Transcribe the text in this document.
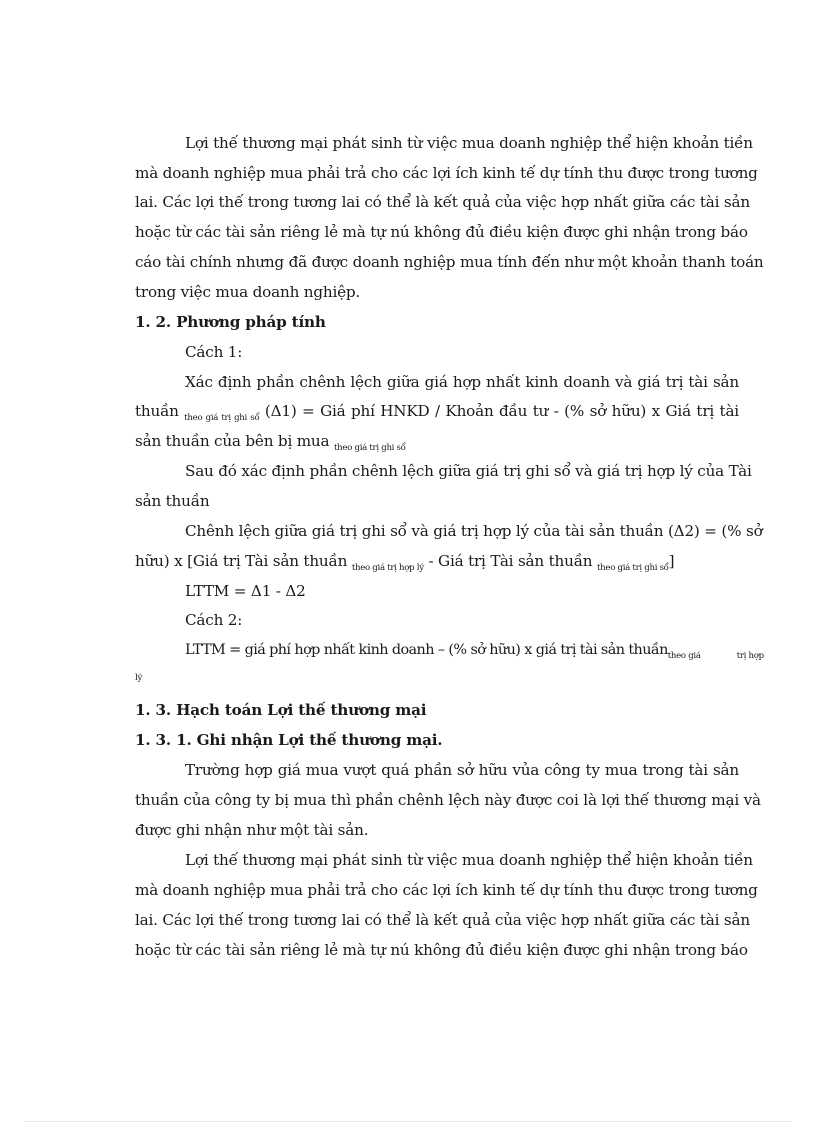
Lợi thế thương mại phát sinh từ việc mua doanh nghiệp thể hiện khoản tiền
mà doanh nghiệp mua phải trả cho các lợi ích kinh tế dự tính thu được trong tương
lai. Các lợi thế trong tương lai có thể là kết quả của việc hợp nhất giữa các tài sản
hoặc từ các tài sản riêng lẻ mà tự nú không đủ điều kiện được ghi nhận trong báo
cáo tài chính nhưng đã được doanh nghiệp mua tính đến như một khoản thanh toán
trong việc mua doanh nghiệp.
1. 2. Phương pháp tính
Cách 1:
Xác định phần chênh lệch giữa giá hợp nhất kinh doanh và giá trị tài sản
thuần $_{theo giá trị ghi sổ}$ (Δ1) = Giá phí HNKD / Khoản đầu tư - (% sở hữu) x Giá trị tài
sản thuần của bên bị mua $_{theo giá trị ghi sổ}$
Sau đó xác định phần chênh lệch giữa giá trị ghi sổ và giá trị hợp lý của Tài
sản thuần
Chênh lệch giữa giá trị ghi sổ và giá trị hợp lý của tài sản thuần (Δ2) = (% sở
hữu) x [Giá trị Tài sản thuần $_{theo giá trị hợp lý}$ - Giá trị Tài sản thuần $_{theo giá trị ghi sổ}$]
LTTM = Δ1 - Δ2
Cách 2:
LTTM = giá phí hợp nhất kinh doanh – (% sở hữu) x giá trị tài sản thuần$_{theo giá}$	$_{trị hợp}$
lý
1. 3. Hạch toán Lợi thế thương mại
1. 3. 1. Ghi nhận Lợi thế thương mại.
Trường hợp giá mua vượt quá phần sở hữu vủa công ty mua trong tài sản
thuần của công ty bị mua thì phần chênh lệch này được coi là lợi thế thương mại và
được ghi nhận như một tài sản.
Lợi thế thương mại phát sinh từ việc mua doanh nghiệp thể hiện khoản tiền
mà doanh nghiệp mua phải trả cho các lợi ích kinh tế dự tính thu được trong tương
lai. Các lợi thế trong tương lai có thể là kết quả của việc hợp nhất giữa các tài sản
hoặc từ các tài sản riêng lẻ mà tự nú không đủ điều kiện được ghi nhận trong báo
